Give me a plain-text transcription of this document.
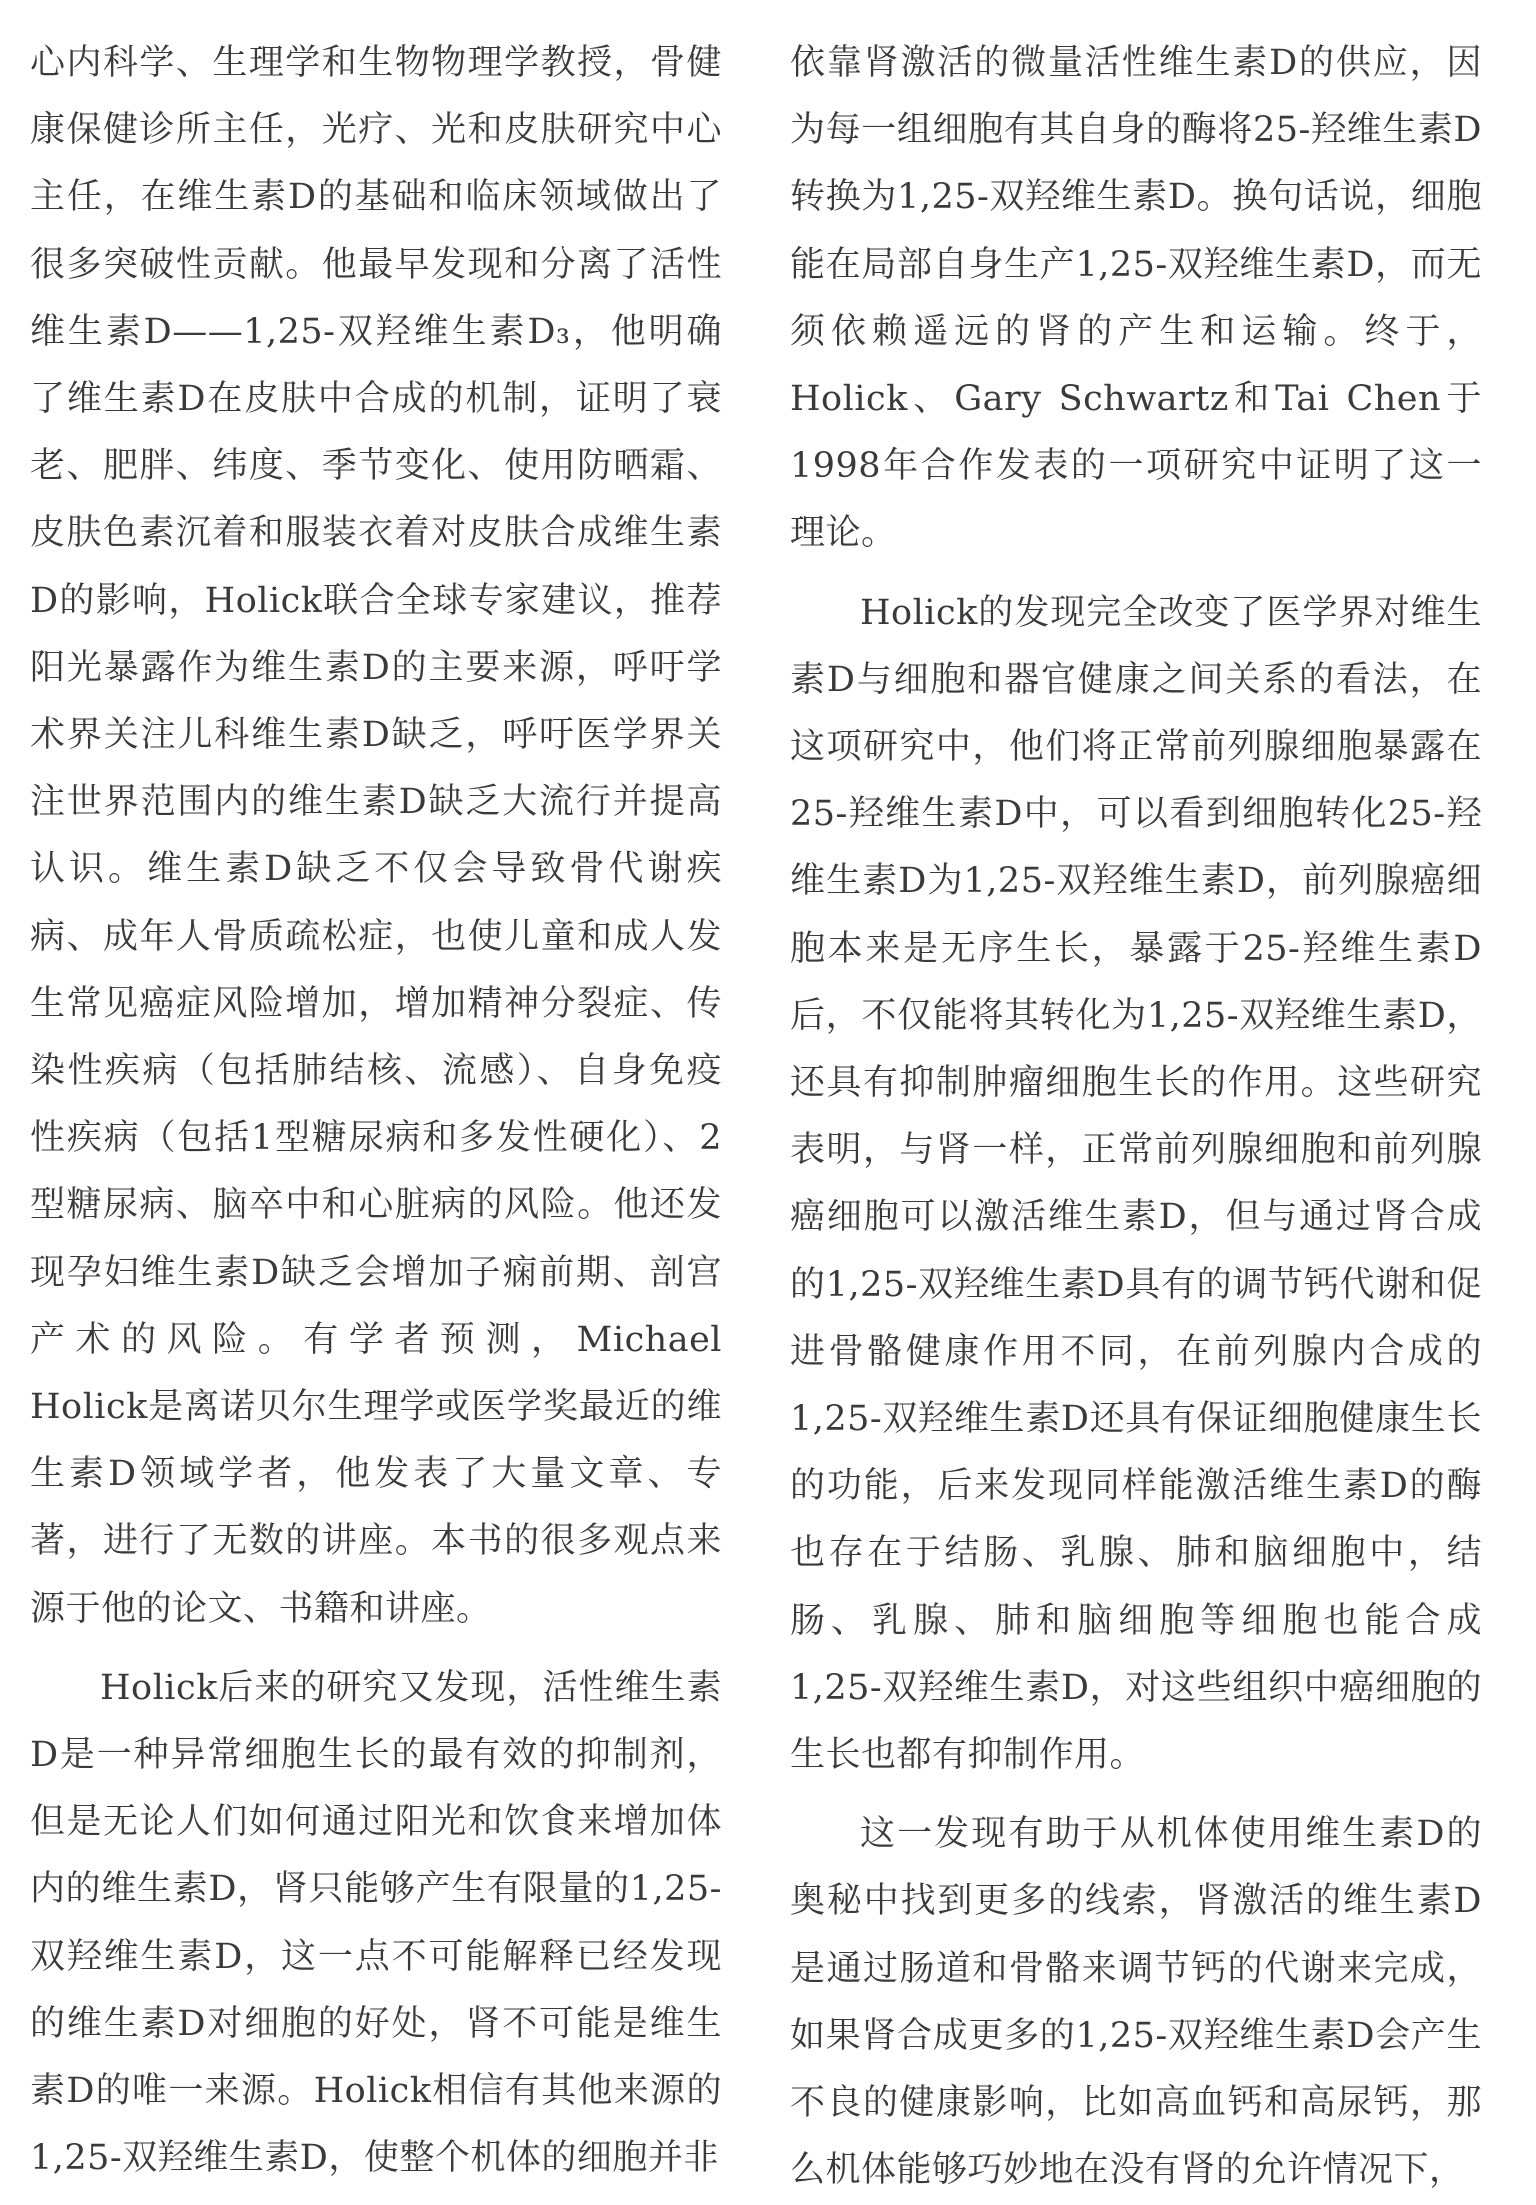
心内科学、生理学和生物物理学教授，骨健康保健诊所主任，光疗、光和皮肤研究中心主任，在维生素D的基础和临床领域做出了很多突破性贡献。他最早发现和分离了活性维生素D——1,25-双羟维生素D₃，他明确了维生素D在皮肤中合成的机制，证明了衰老、肥胖、纬度、季节变化、使用防晒霜、皮肤色素沉着和服装衣着对皮肤合成维生素D的影响，Holick联合全球专家建议，推荐阳光暴露作为维生素D的主要来源，呼吁学术界关注儿科维生素D缺乏，呼吁医学界关注世界范围内的维生素D缺乏大流行并提高认识。维生素D缺乏不仅会导致骨代谢疾病、成年人骨质疏松症，也使儿童和成人发生常见癌症风险增加，增加精神分裂症、传染性疾病（包括肺结核、流感）、自身免疫性疾病（包括1型糖尿病和多发性硬化）、2型糖尿病、脑卒中和心脏病的风险。他还发现孕妇维生素D缺乏会增加子痫前期、剖宫产术的风险。有学者预测，Michael Holick是离诺贝尔生理学或医学奖最近的维生素D领域学者，他发表了大量文章、专著，进行了无数的讲座。本书的很多观点来源于他的论文、书籍和讲座。

Holick后来的研究又发现，活性维生素D是一种异常细胞生长的最有效的抑制剂，但是无论人们如何通过阳光和饮食来增加体内的维生素D，肾只能够产生有限量的1,25-双羟维生素D，这一点不可能解释已经发现的维生素D对细胞的好处，肾不可能是维生素D的唯一来源。Holick相信有其他来源的1,25-双羟维生素D，使整个机体的细胞并非

依靠肾激活的微量活性维生素D的供应，因为每一组细胞有其自身的酶将25-羟维生素D转换为1,25-双羟维生素D。换句话说，细胞能在局部自身生产1,25-双羟维生素D，而无须依赖遥远的肾的产生和运输。终于，Holick、Gary Schwartz和Tai Chen于1998年合作发表的一项研究中证明了这一理论。

Holick的发现完全改变了医学界对维生素D与细胞和器官健康之间关系的看法，在这项研究中，他们将正常前列腺细胞暴露在25-羟维生素D中，可以看到细胞转化25-羟维生素D为1,25-双羟维生素D，前列腺癌细胞本来是无序生长，暴露于25-羟维生素D后，不仅能将其转化为1,25-双羟维生素D，还具有抑制肿瘤细胞生长的作用。这些研究表明，与肾一样，正常前列腺细胞和前列腺癌细胞可以激活维生素D，但与通过肾合成的1,25-双羟维生素D具有的调节钙代谢和促进骨骼健康作用不同，在前列腺内合成的1,25-双羟维生素D还具有保证细胞健康生长的功能，后来发现同样能激活维生素D的酶也存在于结肠、乳腺、肺和脑细胞中，结肠、乳腺、肺和脑细胞等细胞也能合成1,25-双羟维生素D，对这些组织中癌细胞的生长也都有抑制作用。

这一发现有助于从机体使用维生素D的奥秘中找到更多的线索，肾激活的维生素D是通过肠道和骨骼来调节钙的代谢来完成，如果肾合成更多的1,25-双羟维生素D会产生不良的健康影响，比如高血钙和高尿钙，那么机体能够巧妙地在没有肾的允许情况下，
